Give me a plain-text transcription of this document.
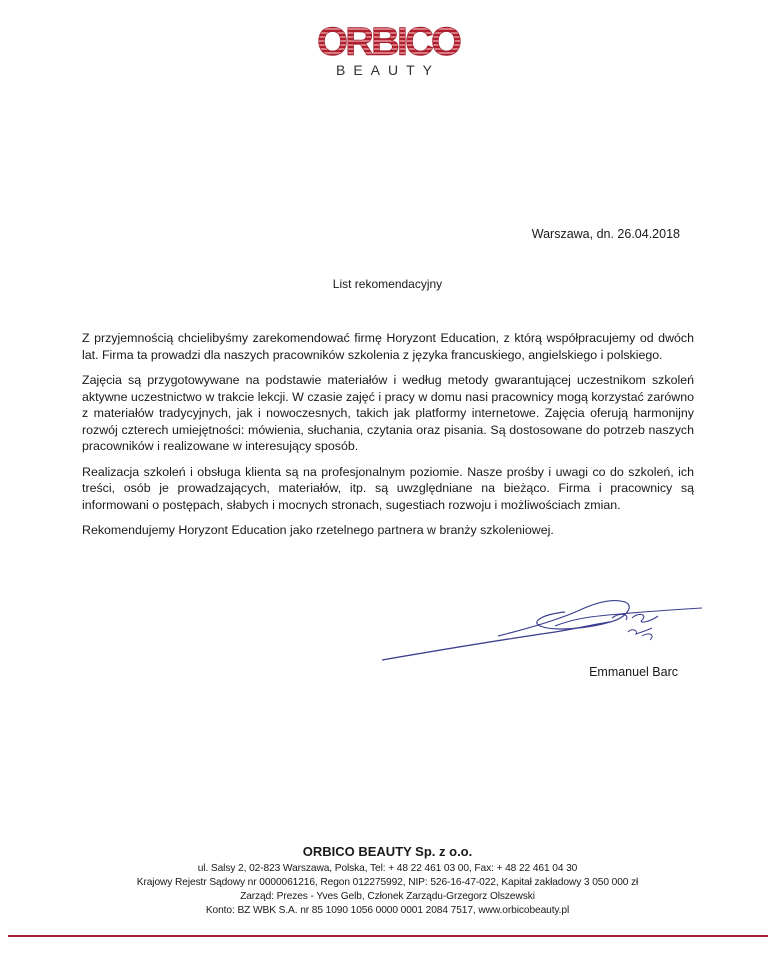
ORBICO
BEAUTY
Warszawa, dn. 26.04.2018
List rekomendacyjny

Z przyjemnością chcielibyśmy zarekomendować firmę Horyzont Education, z którą współpracujemy od dwóch lat. Firma ta prowadzi dla naszych pracowników szkolenia z języka francuskiego, angielskiego i polskiego.

Zajęcia są przygotowywane na podstawie materiałów i według metody gwarantującej uczestnikom szkoleń aktywne uczestnictwo w trakcie lekcji. W czasie zajęć i pracy w domu nasi pracownicy mogą korzystać zarówno z materiałów tradycyjnych, jak i nowoczesnych, takich jak platformy internetowe. Zajęcia oferują harmonijny rozwój czterech umiejętności: mówienia, słuchania, czytania oraz pisania. Są dostosowane do potrzeb naszych pracowników i realizowane w interesujący sposób.

Realizacja szkoleń i obsługa klienta są na profesjonalnym poziomie. Nasze prośby i uwagi co do szkoleń, ich treści, osób je prowadzających, materiałów, itp. są uwzględniane na bieżąco. Firma i pracownicy są informowani o postępach, słabych i mocnych stronach, sugestiach rozwoju i możliwościach zmian.

Rekomendujemy Horyzont Education jako rzetelnego partnera w branży szkoleniowej.

Emmanuel Barc
ORBICO BEAUTY Sp. z o.o.
ul. Salsy 2, 02-823 Warszawa, Polska, Tel: + 48 22 461 03 00, Fax: + 48 22 461 04 30
Krajowy Rejestr Sądowy nr 0000061216, Regon 012275992, NIP: 526-16-47-022, Kapitał zakładowy 3 050 000 zł
Zarząd: Prezes - Yves Gelb, Członek Zarządu-Grzegorz Olszewski
Konto: BZ WBK S.A. nr 85 1090 1056 0000 0001 2084 7517, www.orbicobeauty.pl
